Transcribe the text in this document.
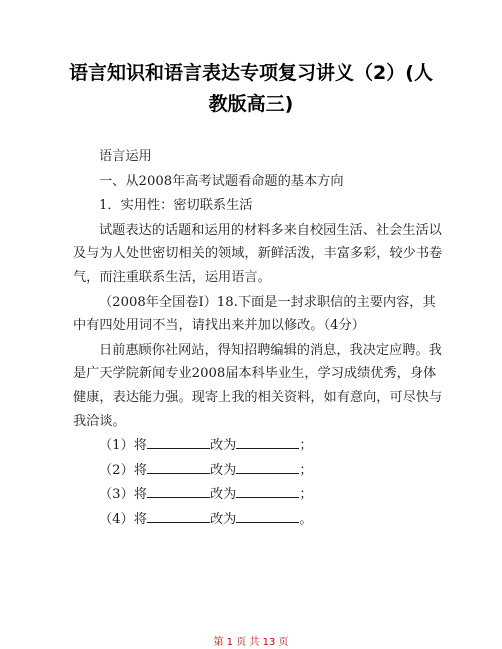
语言知识和语言表达专项复习讲义（2）(人教版高三)

语言运用

一、从2008年高考试题看命题的基本方向

1．实用性：密切联系生活

试题表达的话题和运用的材料多来自校园生活、社会生活以及与为人处世密切相关的领域，新鲜活泼，丰富多彩，较少书卷气，而注重联系生活，运用语言。

（2008年全国卷Ⅰ）18.下面是一封求职信的主要内容，其中有四处用词不当，请找出来并加以修改。（4分）

日前惠顾你社网站，得知招聘编辑的消息，我决定应聘。我是广天学院新闻专业2008届本科毕业生，学习成绩优秀，身体健康，表达能力强。现寄上我的相关资料，如有意向，可尽快与我洽谈。

（1）将	改为	；

（2）将	改为	；

（3）将	改为	；

（4）将	改为	。

第 1 页 共 13 页
